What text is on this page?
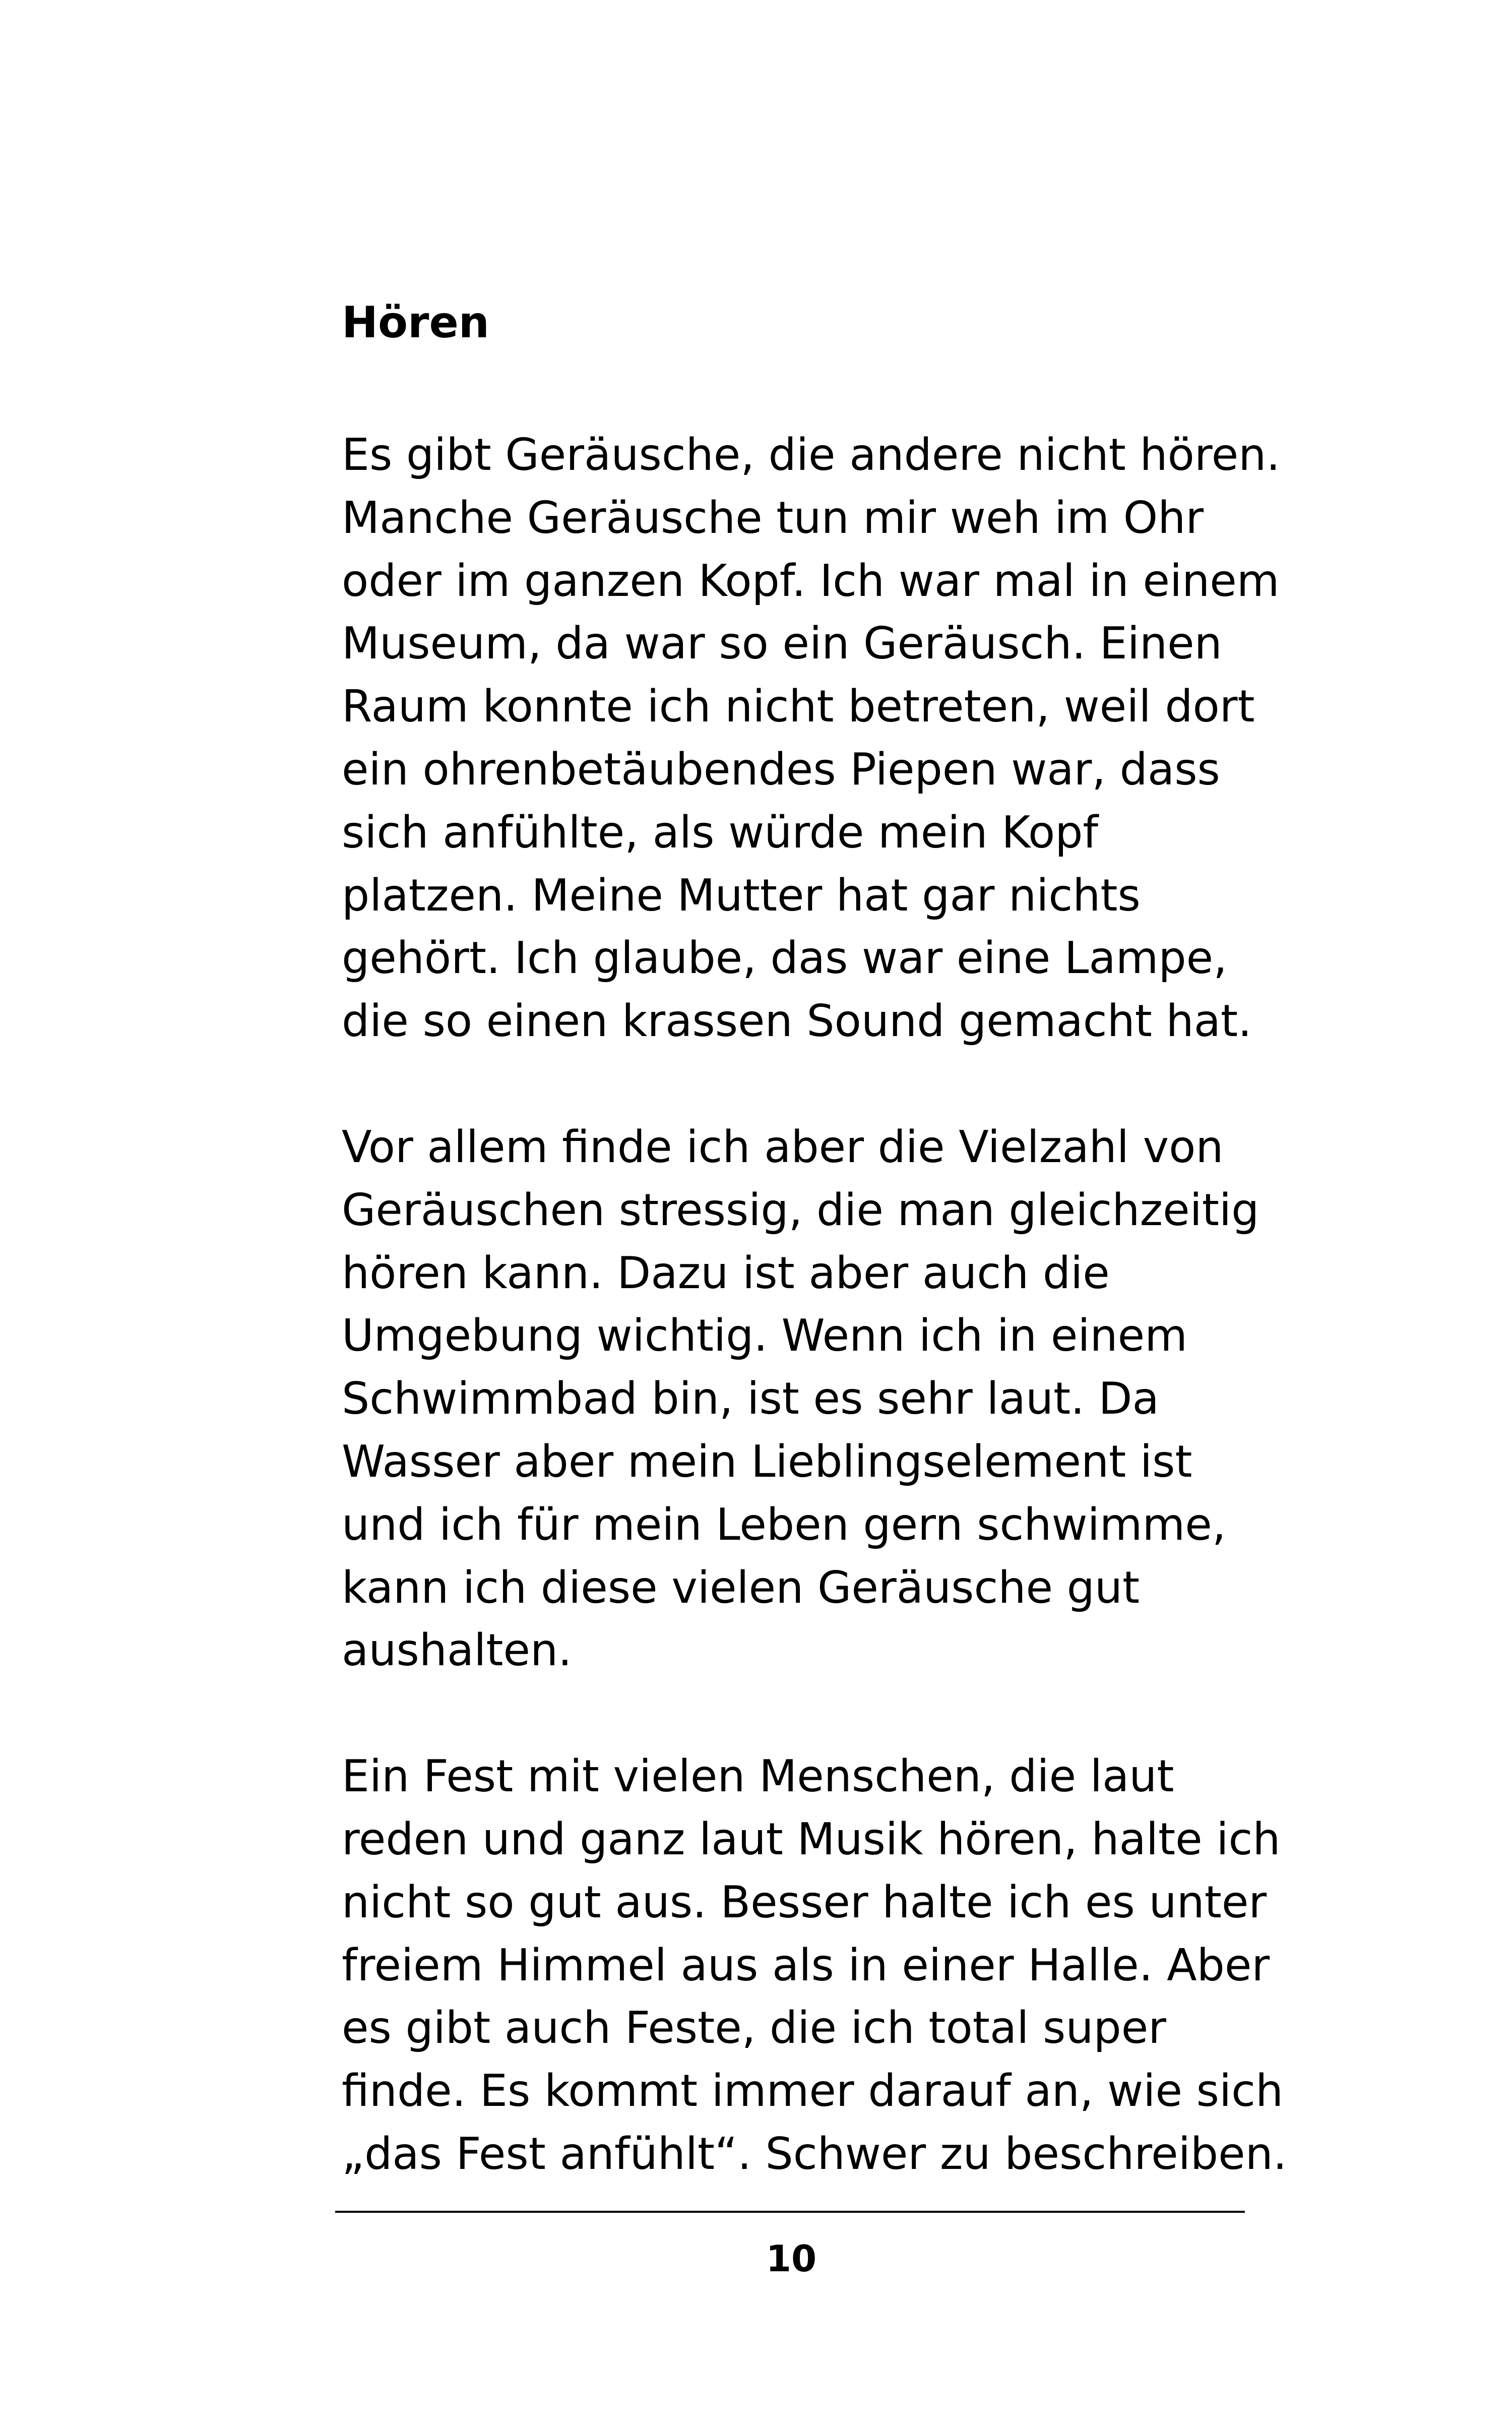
Hören
Es gibt Geräusche, die andere nicht hören.
Manche Geräusche tun mir weh im Ohr
oder im ganzen Kopf. Ich war mal in einem
Museum, da war so ein Geräusch. Einen
Raum konnte ich nicht betreten, weil dort
ein ohrenbetäubendes Piepen war, dass
sich anfühlte, als würde mein Kopf
platzen. Meine Mutter hat gar nichts
gehört. Ich glaube, das war eine Lampe,
die so einen krassen Sound gemacht hat.
Vor allem finde ich aber die Vielzahl von
Geräuschen stressig, die man gleichzeitig
hören kann. Dazu ist aber auch die
Umgebung wichtig. Wenn ich in einem
Schwimmbad bin, ist es sehr laut. Da
Wasser aber mein Lieblingselement ist
und ich für mein Leben gern schwimme,
kann ich diese vielen Geräusche gut
aushalten.
Ein Fest mit vielen Menschen, die laut
reden und ganz laut Musik hören, halte ich
nicht so gut aus. Besser halte ich es unter
freiem Himmel aus als in einer Halle. Aber
es gibt auch Feste, die ich total super
finde. Es kommt immer darauf an, wie sich
„das Fest anfühlt“. Schwer zu beschreiben.
10
